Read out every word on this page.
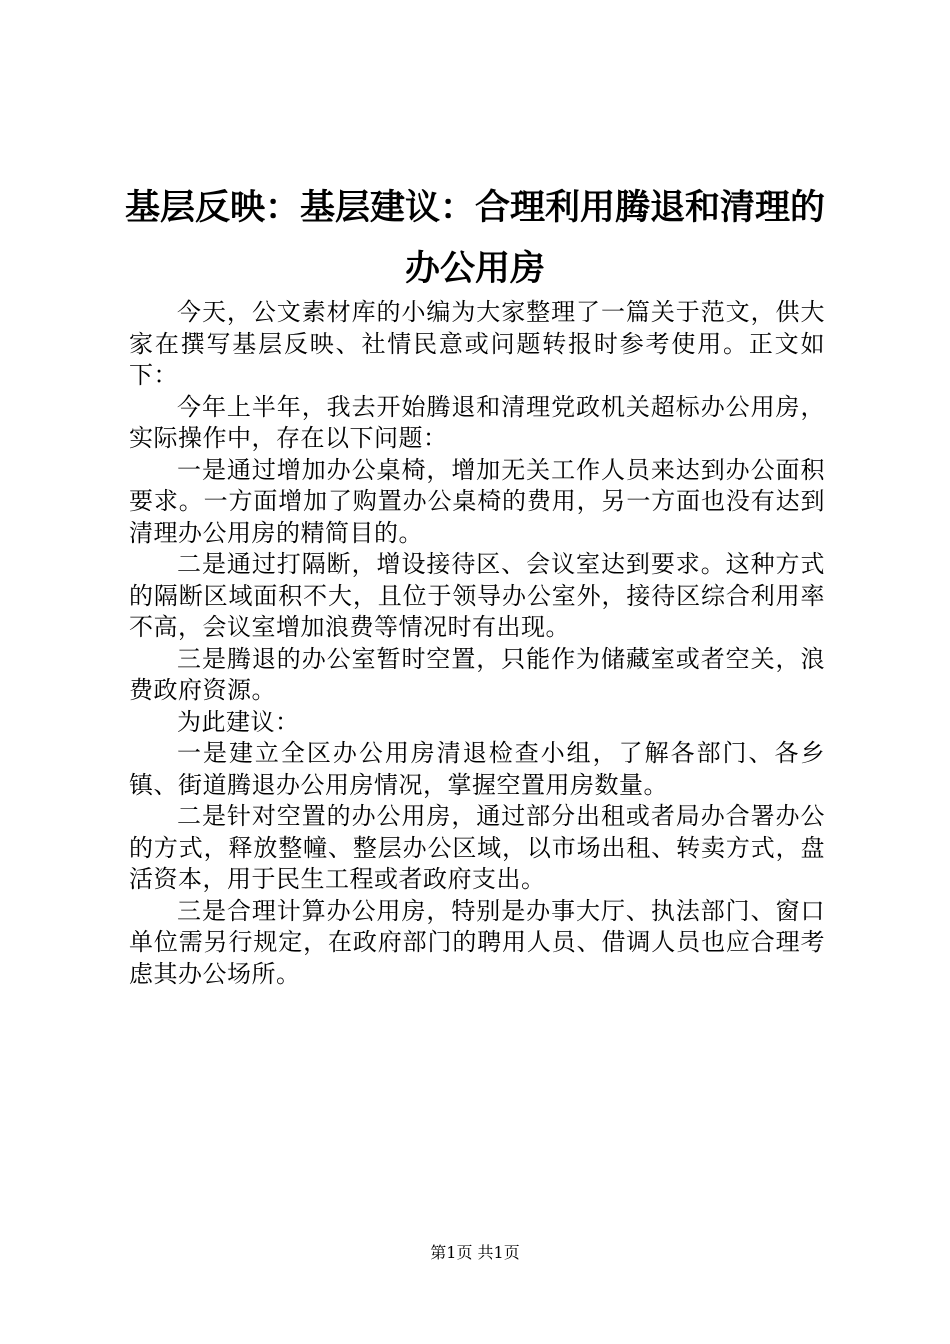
基层反映：基层建议：合理利用腾退和清理的
办公用房

今天，公文素材库的小编为大家整理了一篇关于范文，供大家在撰写基层反映、社情民意或问题转报时参考使用。正文如下：

今年上半年，我去开始腾退和清理党政机关超标办公用房，实际操作中，存在以下问题：

一是通过增加办公桌椅，增加无关工作人员来达到办公面积要求。一方面增加了购置办公桌椅的费用，另一方面也没有达到清理办公用房的精简目的。

二是通过打隔断，增设接待区、会议室达到要求。这种方式的隔断区域面积不大，且位于领导办公室外，接待区综合利用率不高，会议室增加浪费等情况时有出现。

三是腾退的办公室暂时空置，只能作为储藏室或者空关，浪费政府资源。

为此建议：

一是建立全区办公用房清退检查小组，了解各部门、各乡镇、街道腾退办公用房情况，掌握空置用房数量。

二是针对空置的办公用房，通过部分出租或者局办合署办公的方式，释放整幢、整层办公区域，以市场出租、转卖方式，盘活资本，用于民生工程或者政府支出。

三是合理计算办公用房，特别是办事大厅、执法部门、窗口单位需另行规定，在政府部门的聘用人员、借调人员也应合理考虑其办公场所。

第1页 共1页
